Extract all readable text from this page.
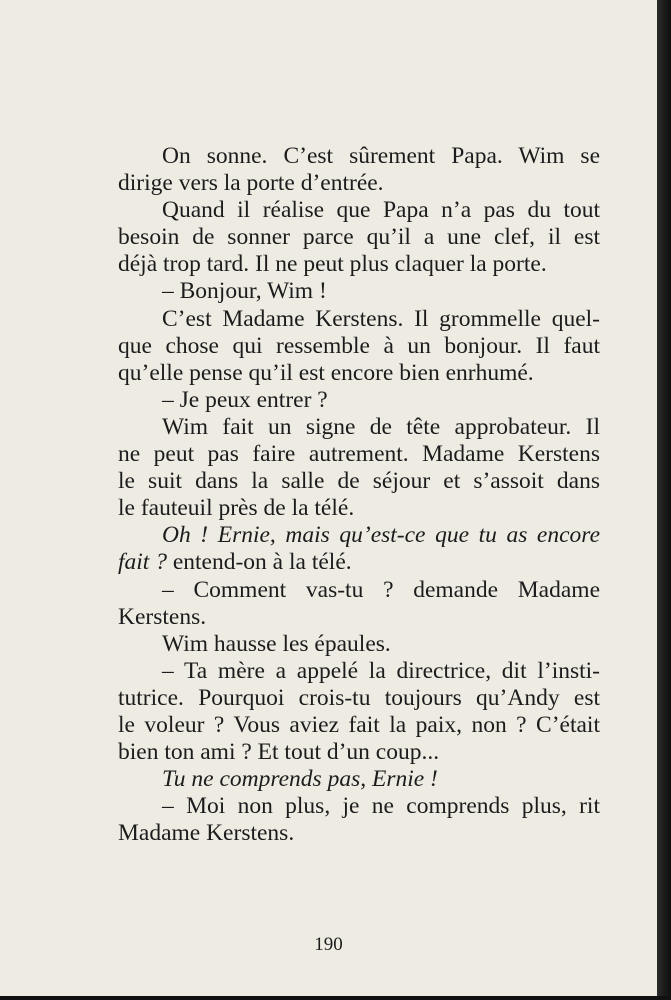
On sonne. C’est sûrement Papa. Wim se
dirige vers la porte d’entrée.
Quand il réalise que Papa n’a pas du tout
besoin de sonner parce qu’il a une clef, il est
déjà trop tard. Il ne peut plus claquer la porte.
– Bonjour, Wim !
C’est Madame Kerstens. Il grommelle quel-
que chose qui ressemble à un bonjour. Il faut
qu’elle pense qu’il est encore bien enrhumé.
– Je peux entrer ?
Wim fait un signe de tête approbateur. Il
ne peut pas faire autrement. Madame Kerstens
le suit dans la salle de séjour et s’assoit dans
le fauteuil près de la télé.
Oh ! Ernie, mais qu’est-ce que tu as encore
fait ? entend-on à la télé.
– Comment vas-tu ? demande Madame
Kerstens.
Wim hausse les épaules.
– Ta mère a appelé la directrice, dit l’insti-
tutrice. Pourquoi crois-tu toujours qu’Andy est
le voleur ? Vous aviez fait la paix, non ? C’était
bien ton ami ? Et tout d’un coup...
Tu ne comprends pas, Ernie !
– Moi non plus, je ne comprends plus, rit
Madame Kerstens.
190
